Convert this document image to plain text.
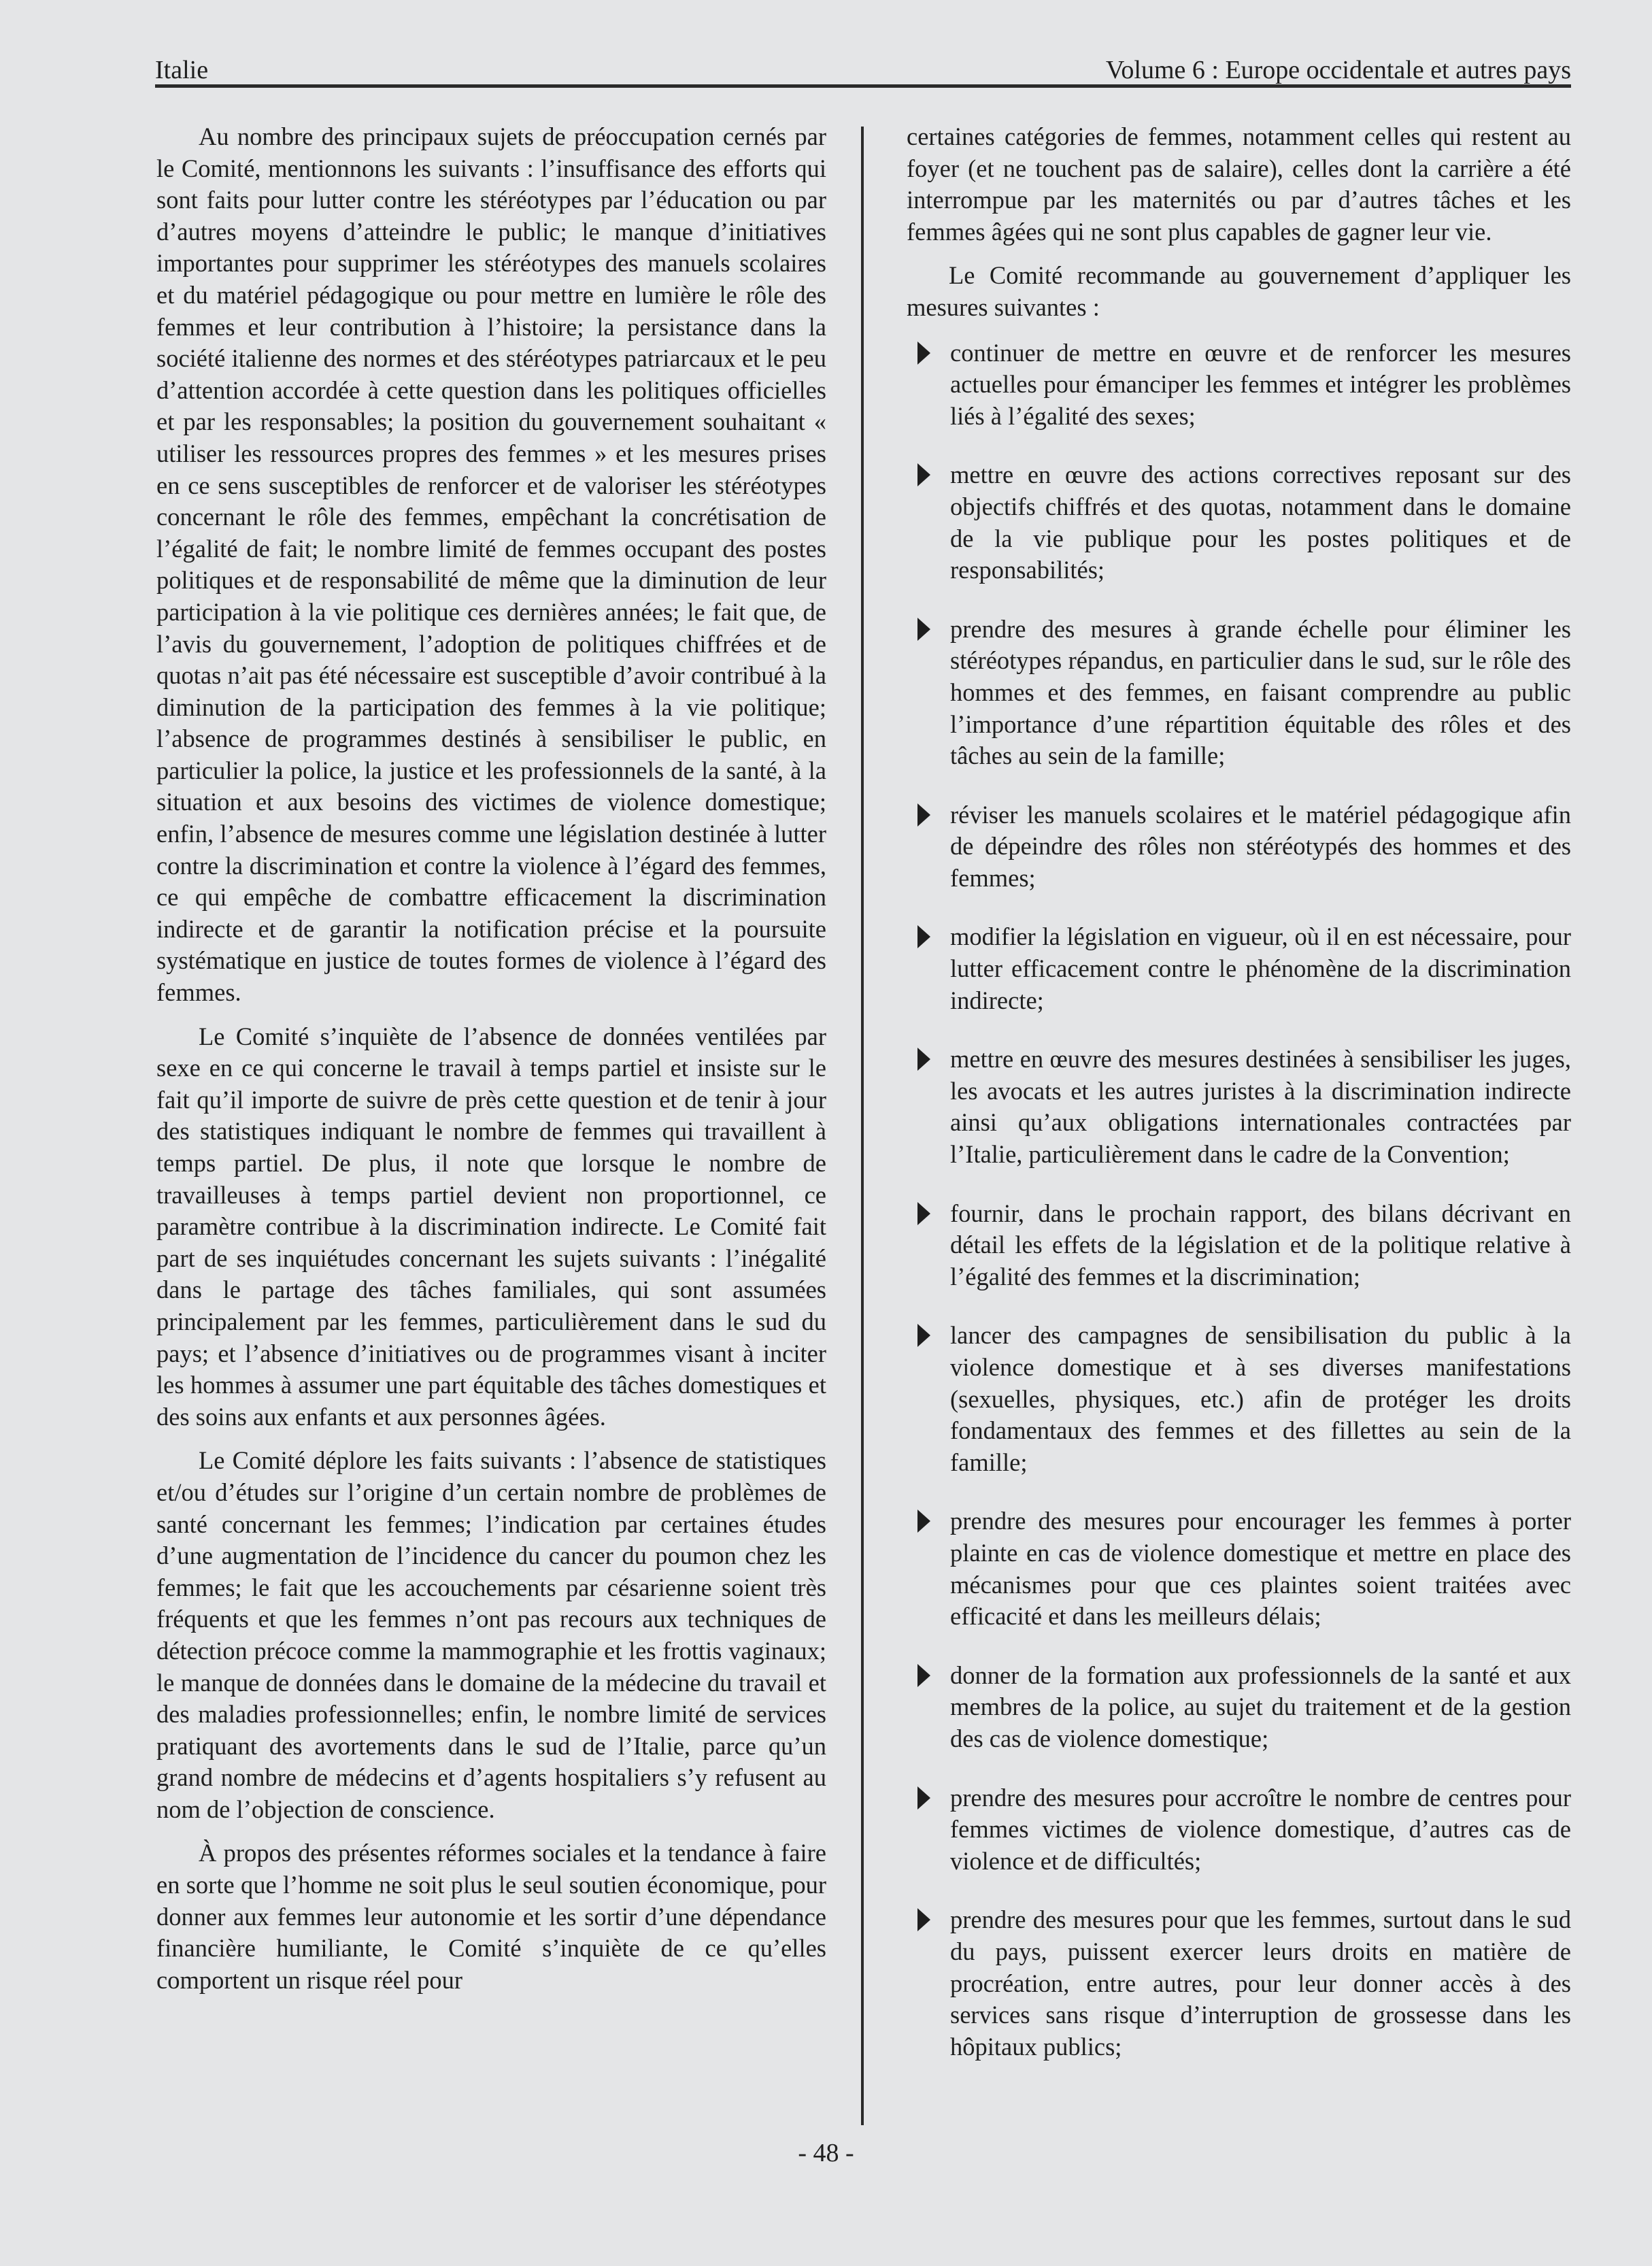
Italie	Volume 6 : Europe occidentale et autres pays

Au nombre des principaux sujets de préoccupation cernés par le Comité, mentionnons les suivants : l’insuffisance des efforts qui sont faits pour lutter contre les stéréotypes par l’éducation ou par d’autres moyens d’atteindre le public; le manque d’initiatives importantes pour supprimer les stéréotypes des manuels scolaires et du matériel pédagogique ou pour mettre en lumière le rôle des femmes et leur contribution à l’histoire; la persistance dans la société italienne des normes et des stéréotypes patriarcaux et le peu d’attention accordée à cette question dans les politiques officielles et par les responsables; la position du gouvernement souhaitant « utiliser les ressources propres des femmes » et les mesures prises en ce sens susceptibles de renforcer et de valoriser les stéréotypes concernant le rôle des femmes, empêchant la concrétisation de l’égalité de fait; le nombre limité de femmes occupant des postes politiques et de responsabilité de même que la diminution de leur participation à la vie politique ces dernières années; le fait que, de l’avis du gouvernement, l’adoption de politiques chiffrées et de quotas n’ait pas été nécessaire est susceptible d’avoir contribué à la diminution de la participation des femmes à la vie politique; l’absence de programmes destinés à sensibiliser le public, en particulier la police, la justice et les professionnels de la santé, à la situation et aux besoins des victimes de violence domestique; enfin, l’absence de mesures comme une législation destinée à lutter contre la discrimination et contre la violence à l’égard des femmes, ce qui empêche de combattre efficacement la discrimination indirecte et de garantir la notification précise et la poursuite systématique en justice de toutes formes de violence à l’égard des femmes.

Le Comité s’inquiète de l’absence de données ventilées par sexe en ce qui concerne le travail à temps partiel et insiste sur le fait qu’il importe de suivre de près cette question et de tenir à jour des statistiques indiquant le nombre de femmes qui travaillent à temps partiel. De plus, il note que lorsque le nombre de travailleuses à temps partiel devient non proportionnel, ce paramètre contribue à la discrimination indirecte. Le Comité fait part de ses inquiétudes concernant les sujets suivants : l’inégalité dans le partage des tâches familiales, qui sont assumées principalement par les femmes, particulièrement dans le sud du pays; et l’absence d’initiatives ou de programmes visant à inciter les hommes à assumer une part équitable des tâches domestiques et des soins aux enfants et aux personnes âgées.

Le Comité déplore les faits suivants : l’absence de statistiques et/ou d’études sur l’origine d’un certain nombre de problèmes de santé concernant les femmes; l’indication par certaines études d’une augmentation de l’incidence du cancer du poumon chez les femmes; le fait que les accouchements par césarienne soient très fréquents et que les femmes n’ont pas recours aux techniques de détection précoce comme la mammographie et les frottis vaginaux; le manque de données dans le domaine de la médecine du travail et des maladies professionnelles; enfin, le nombre limité de services pratiquant des avortements dans le sud de l’Italie, parce qu’un grand nombre de médecins et d’agents hospitaliers s’y refusent au nom de l’objection de conscience.

À propos des présentes réformes sociales et la tendance à faire en sorte que l’homme ne soit plus le seul soutien économique, pour donner aux femmes leur autonomie et les sortir d’une dépendance financière humiliante, le Comité s’inquiète de ce qu’elles comportent un risque réel pour

certaines catégories de femmes, notamment celles qui restent au foyer (et ne touchent pas de salaire), celles dont la carrière a été interrompue par les maternités ou par d’autres tâches et les femmes âgées qui ne sont plus capables de gagner leur vie.

Le Comité recommande au gouvernement d’appliquer les mesures suivantes :

continuer de mettre en œuvre et de renforcer les mesures actuelles pour émanciper les femmes et intégrer les problèmes liés à l’égalité des sexes;
mettre en œuvre des actions correctives reposant sur des objectifs chiffrés et des quotas, notamment dans le domaine de la vie publique pour les postes politiques et de responsabilités;
prendre des mesures à grande échelle pour éliminer les stéréotypes répandus, en particulier dans le sud, sur le rôle des hommes et des femmes, en faisant comprendre au public l’importance d’une répartition équitable des rôles et des tâches au sein de la famille;
réviser les manuels scolaires et le matériel pédagogique afin de dépeindre des rôles non stéréotypés des hommes et des femmes;
modifier la législation en vigueur, où il en est nécessaire, pour lutter efficacement contre le phénomène de la discrimination indirecte;
mettre en œuvre des mesures destinées à sensibiliser les juges, les avocats et les autres juristes à la discrimination indirecte ainsi qu’aux obligations internationales contractées par l’Italie, particulièrement dans le cadre de la Convention;
fournir, dans le prochain rapport, des bilans décrivant en détail les effets de la législation et de la politique relative à l’égalité des femmes et la discrimination;
lancer des campagnes de sensibilisation du public à la violence domestique et à ses diverses manifestations (sexuelles, physiques, etc.) afin de protéger les droits fondamentaux des femmes et des fillettes au sein de la famille;
prendre des mesures pour encourager les femmes à porter plainte en cas de violence domestique et mettre en place des mécanismes pour que ces plaintes soient traitées avec efficacité et dans les meilleurs délais;
donner de la formation aux professionnels de la santé et aux membres de la police, au sujet du traitement et de la gestion des cas de violence domestique;
prendre des mesures pour accroître le nombre de centres pour femmes victimes de violence domestique, d’autres cas de violence et de difficultés;
prendre des mesures pour que les femmes, surtout dans le sud du pays, puissent exercer leurs droits en matière de procréation, entre autres, pour leur donner accès à des services sans risque d’interruption de grossesse dans les hôpitaux publics;
- 48 -
